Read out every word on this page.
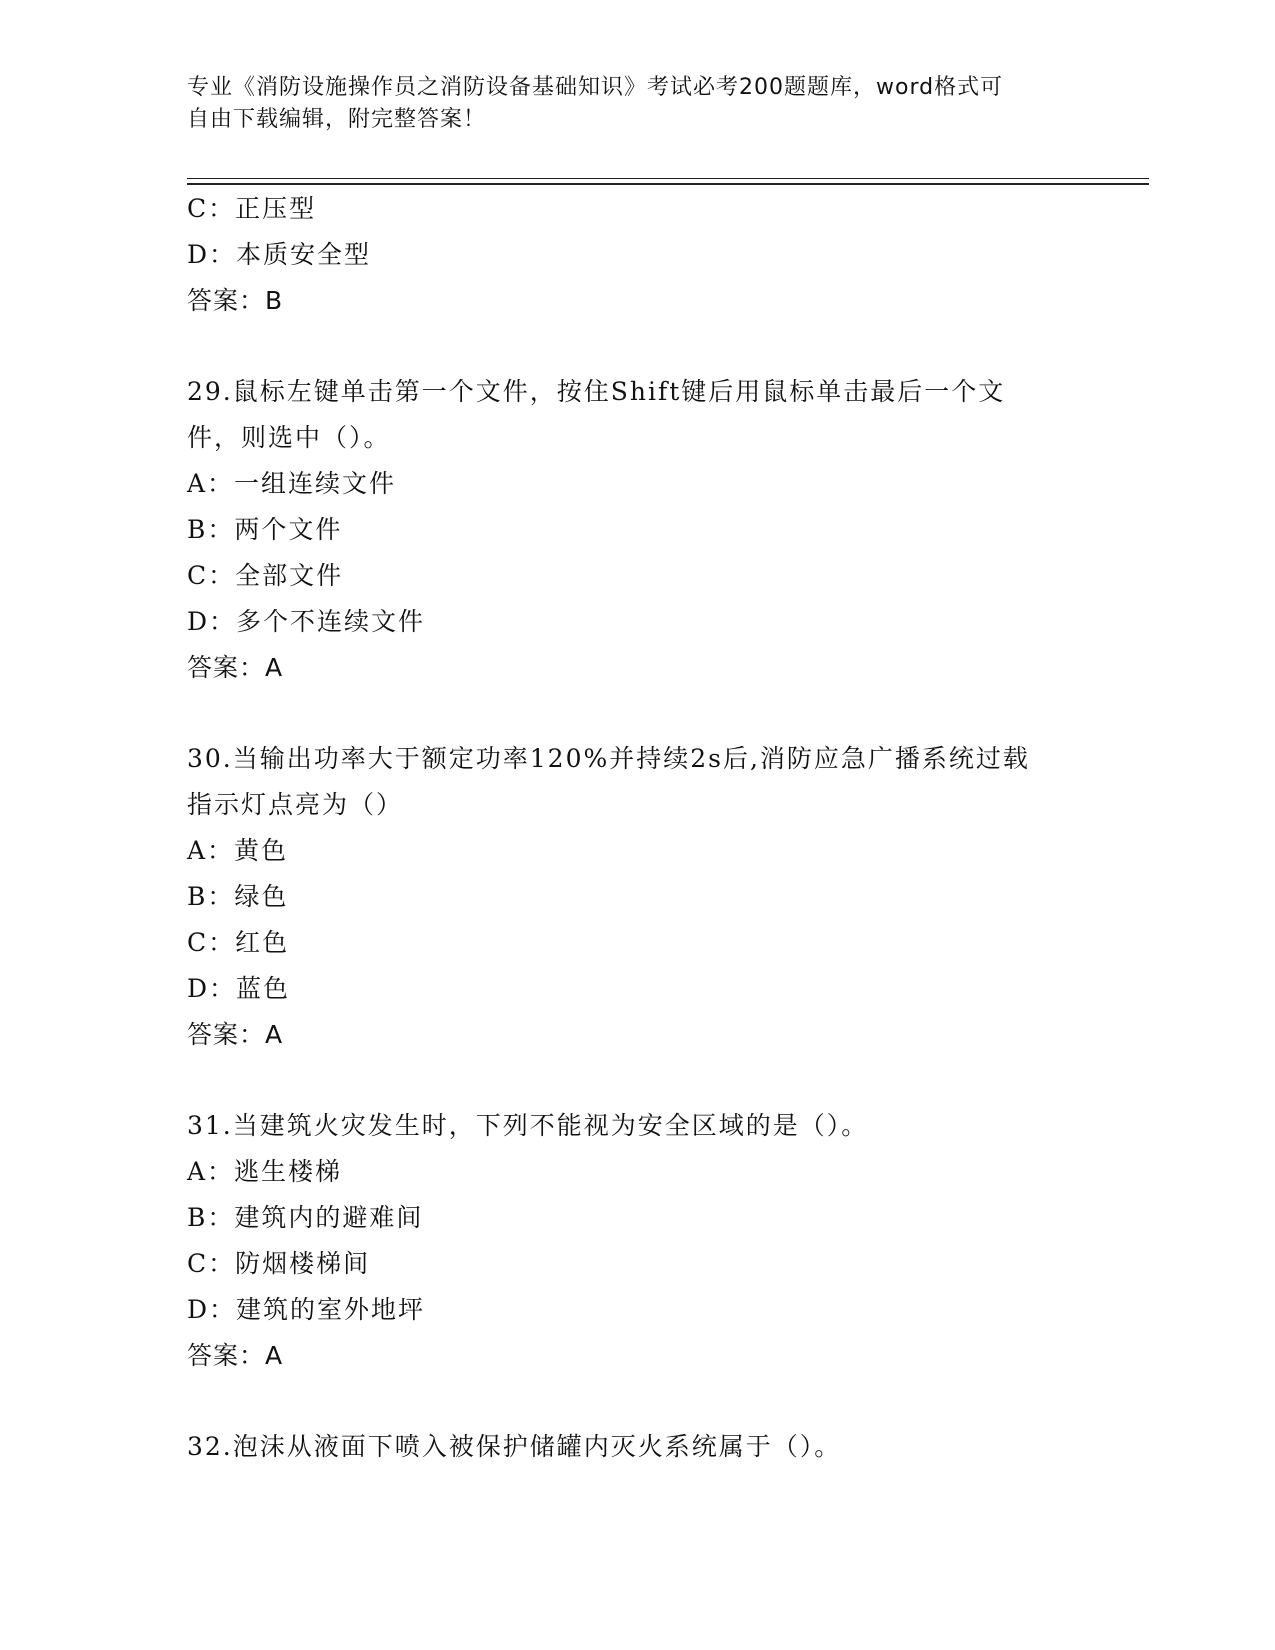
专业《消防设施操作员之消防设备基础知识》考试必考200题题库，word格式可
自由下载编辑，附完整答案！
C：正压型
D：本质安全型
答案：B
29.鼠标左键单击第一个文件，按住Shift键后用鼠标单击最后一个文
件，则选中（）。
A：一组连续文件
B：两个文件
C：全部文件
D：多个不连续文件
答案：A
30.当输出功率大于额定功率120%并持续2s后,消防应急广播系统过载
指示灯点亮为（）
A：黄色
B：绿色
C：红色
D：蓝色
答案：A
31.当建筑火灾发生时，下列不能视为安全区域的是（）。
A：逃生楼梯
B：建筑内的避难间
C：防烟楼梯间
D：建筑的室外地坪
答案：A
32.泡沫从液面下喷入被保护储罐内灭火系统属于（）。
